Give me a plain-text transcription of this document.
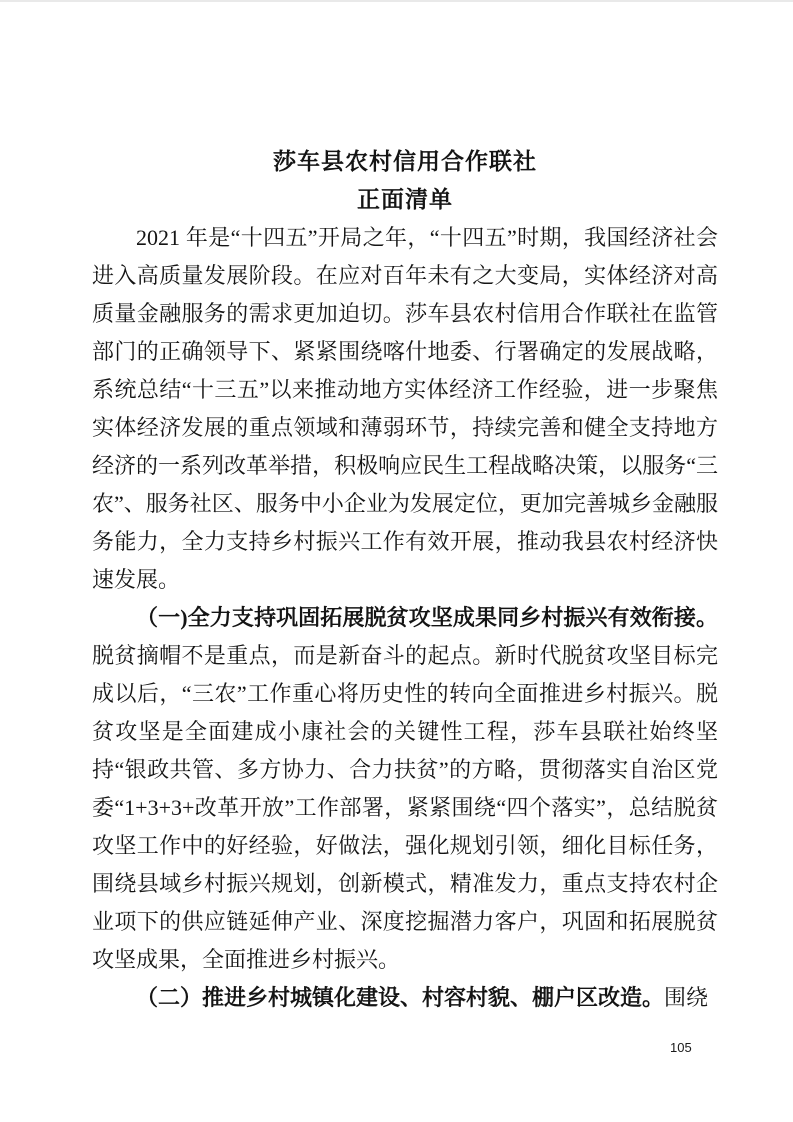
莎车县农村信用合作联社
正面清单

2021 年是“十四五”开局之年，“十四五”时期，我国经济社会进入高质量发展阶段。在应对百年未有之大变局，实体经济对高质量金融服务的需求更加迫切。莎车县农村信用合作联社在监管部门的正确领导下、紧紧围绕喀什地委、行署确定的发展战略，系统总结“十三五”以来推动地方实体经济工作经验，进一步聚焦实体经济发展的重点领域和薄弱环节，持续完善和健全支持地方经济的一系列改革举措，积极响应民生工程战略决策，以服务“三农”、服务社区、服务中小企业为发展定位，更加完善城乡金融服务能力，全力支持乡村振兴工作有效开展，推动我县农村经济快速发展。

（一)全力支持巩固拓展脱贫攻坚成果同乡村振兴有效衔接。脱贫摘帽不是重点，而是新奋斗的起点。新时代脱贫攻坚目标完成以后，“三农”工作重心将历史性的转向全面推进乡村振兴。脱贫攻坚是全面建成小康社会的关键性工程，莎车县联社始终坚持“银政共管、多方协力、合力扶贫”的方略，贯彻落实自治区党委“1+3+3+改革开放”工作部署，紧紧围绕“四个落实”，总结脱贫攻坚工作中的好经验，好做法，强化规划引领，细化目标任务，围绕县域乡村振兴规划，创新模式，精准发力，重点支持农村企业项下的供应链延伸产业、深度挖掘潜力客户，巩固和拓展脱贫攻坚成果，全面推进乡村振兴。

（二）推进乡村城镇化建设、村容村貌、棚户区改造。围绕

105
